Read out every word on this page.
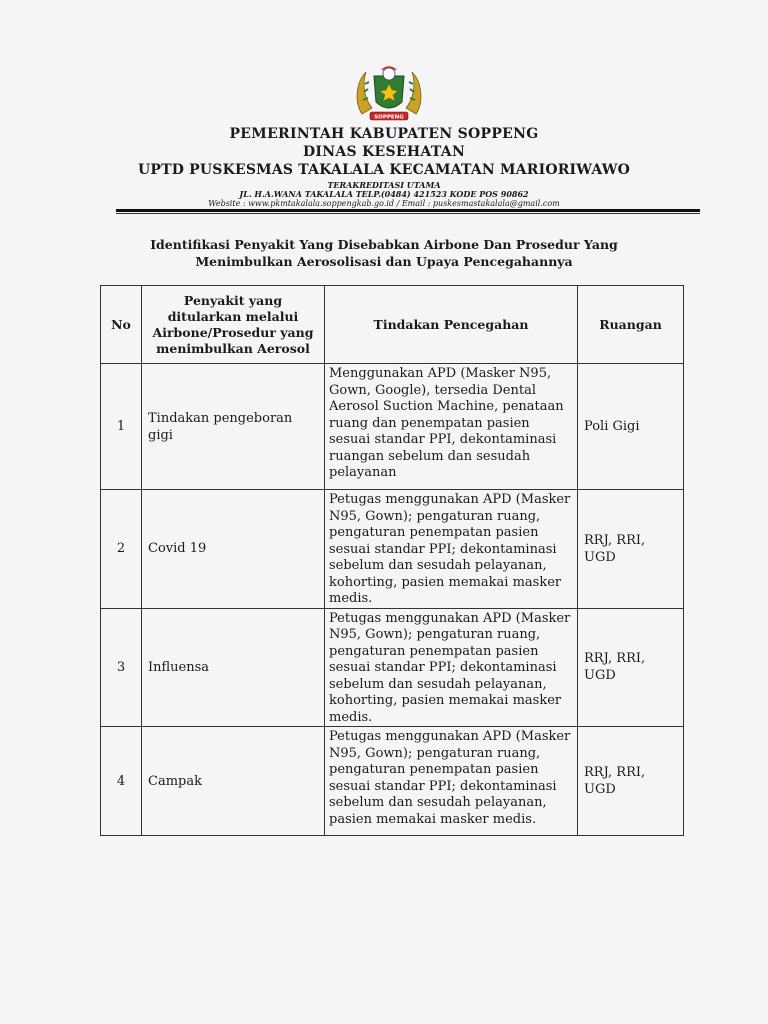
SOPPENG
PEMERINTAH KABUPATEN SOPPENG
DINAS KESEHATAN
UPTD PUSKESMAS TAKALALA KECAMATAN MARIORIWAWO
TERAKREDITASI UTAMA
JL. H.A.WANA TAKALALA TELP.(0484) 421523 KODE POS 90862
Website : www.pkmtakalala.soppengkab.go.id / Email : puskesmastakalala@gmail.com
Identifikasi Penyakit Yang Disebabkan Airbone Dan Prosedur Yang
Menimbulkan Aerosolisasi dan Upaya Pencegahannya
No	Penyakit yang ditularkan melalui Airbone/Prosedur yang menimbulkan Aerosol	Tindakan Pencegahan	Ruangan
1	Tindakan pengeboran gigi	Menggunakan APD (Masker N95, Gown, Google), tersedia Dental Aerosol Suction Machine, penataan ruang dan penempatan pasien sesuai standar PPI, dekontaminasi ruangan sebelum dan sesudah pelayanan	Poli Gigi
2	Covid 19	Petugas menggunakan APD (Masker N95, Gown); pengaturan ruang, pengaturan penempatan pasien sesuai standar PPI; dekontaminasi sebelum dan sesudah pelayanan, kohorting, pasien memakai masker medis.	RRJ, RRI, UGD
3	Influensa	Petugas menggunakan APD (Masker N95, Gown); pengaturan ruang, pengaturan penempatan pasien sesuai standar PPI; dekontaminasi sebelum dan sesudah pelayanan, kohorting, pasien memakai masker medis.	RRJ, RRI, UGD
4	Campak	Petugas menggunakan APD (Masker N95, Gown); pengaturan ruang, pengaturan penempatan pasien sesuai standar PPI; dekontaminasi sebelum dan sesudah pelayanan, pasien memakai masker medis.	RRJ, RRI, UGD
